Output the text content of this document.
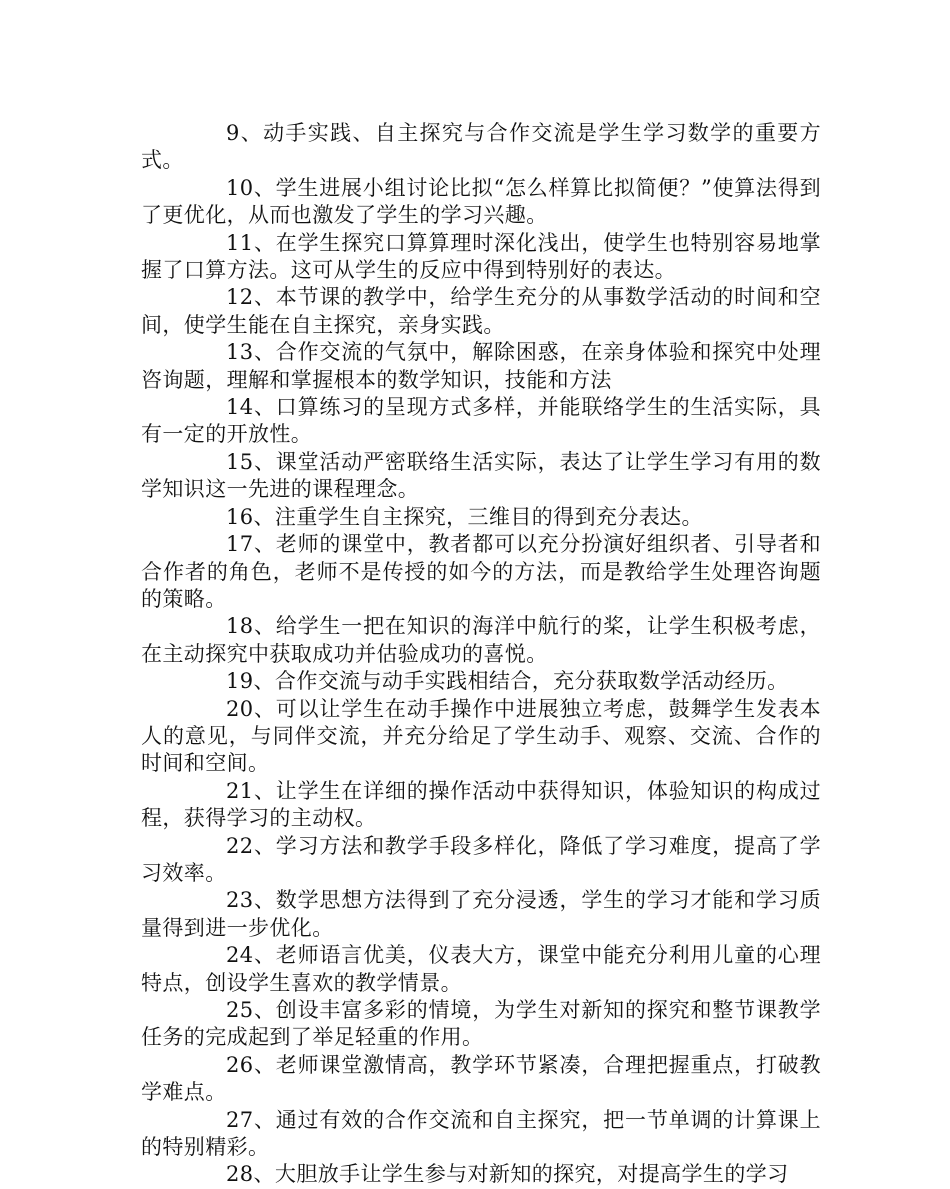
9、动手实践、自主探究与合作交流是学生学习数学的重要方式。

10、学生进展小组讨论比拟“怎么样算比拟简便？”使算法得到了更优化，从而也激发了学生的学习兴趣。

11、在学生探究口算算理时深化浅出，使学生也特别容易地掌握了口算方法。这可从学生的反应中得到特别好的表达。

12、本节课的教学中，给学生充分的从事数学活动的时间和空间，使学生能在自主探究，亲身实践。

13、合作交流的气氛中，解除困惑，在亲身体验和探究中处理咨询题，理解和掌握根本的数学知识，技能和方法

14、口算练习的呈现方式多样，并能联络学生的生活实际，具有一定的开放性。

15、课堂活动严密联络生活实际，表达了让学生学习有用的数学知识这一先进的课程理念。

16、注重学生自主探究，三维目的得到充分表达。

17、老师的课堂中，教者都可以充分扮演好组织者、引导者和合作者的角色，老师不是传授的如今的方法，而是教给学生处理咨询题的策略。

18、给学生一把在知识的海洋中航行的桨，让学生积极考虑，在主动探究中获取成功并估验成功的喜悦。

19、合作交流与动手实践相结合，充分获取数学活动经历。

20、可以让学生在动手操作中进展独立考虑，鼓舞学生发表本人的意见，与同伴交流，并充分给足了学生动手、观察、交流、合作的时间和空间。

21、让学生在详细的操作活动中获得知识，体验知识的构成过程，获得学习的主动权。

22、学习方法和教学手段多样化，降低了学习难度，提高了学习效率。

23、数学思想方法得到了充分浸透，学生的学习才能和学习质量得到进一步优化。

24、老师语言优美，仪表大方，课堂中能充分利用儿童的心理特点，创设学生喜欢的教学情景。

25、创设丰富多彩的情境，为学生对新知的探究和整节课教学任务的完成起到了举足轻重的作用。

26、老师课堂激情高，教学环节紧凑，合理把握重点，打破教学难点。

27、通过有效的合作交流和自主探究，把一节单调的计算课上的特别精彩。

28、大胆放手让学生参与对新知的探究，对提高学生的学习
